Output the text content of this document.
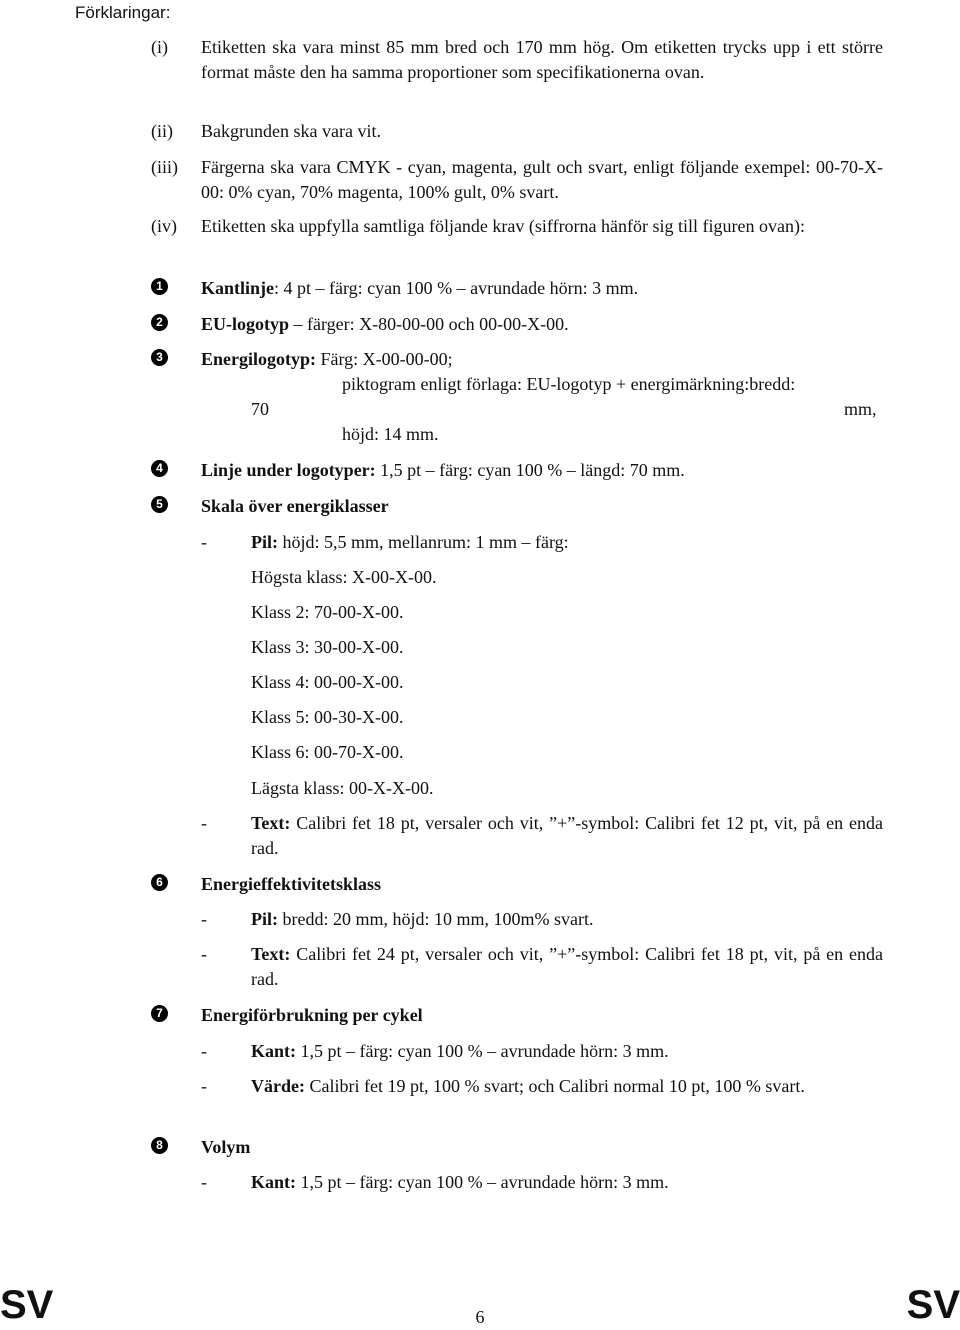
Förklaringar:
(i) Etiketten ska vara minst 85 mm bred och 170 mm hög. Om etiketten trycks upp i ett större format måste den ha samma proportioner som specifikationerna ovan.
(ii) Bakgrunden ska vara vit.
(iii) Färgerna ska vara CMYK - cyan, magenta, gult och svart, enligt följande exempel: 00-70-X-00: 0% cyan, 70% magenta, 100% gult, 0% svart.
(iv) Etiketten ska uppfylla samtliga följande krav (siffrorna hänför sig till figuren ovan):
1 Kantlinje: 4 pt – färg: cyan 100 % – avrundade hörn: 3 mm.
2 EU-logotyp – färger: X-80-00-00 och 00-00-X-00.
3 Energilogotyp: Färg: X-00-00-00;
piktogram enligt förlaga: EU-logotyp + energimärkning:bredd:
70	mm,
höjd: 14 mm.
4 Linje under logotyper: 1,5 pt – färg: cyan 100 % – längd: 70 mm.
5 Skala över energiklasser
- Pil: höjd: 5,5 mm, mellanrum: 1 mm – färg:
Högsta klass: X-00-X-00.
Klass 2: 70-00-X-00.
Klass 3: 30-00-X-00.
Klass 4: 00-00-X-00.
Klass 5: 00-30-X-00.
Klass 6: 00-70-X-00.
Lägsta klass: 00-X-X-00.
- Text: Calibri fet 18 pt, versaler och vit, ”+”-symbol: Calibri fet 12 pt, vit, på en enda rad.
6 Energieffektivitetsklass
- Pil: bredd: 20 mm, höjd: 10 mm, 100m% svart.
- Text: Calibri fet 24 pt, versaler och vit, ”+”-symbol: Calibri fet 18 pt, vit, på en enda rad.
7 Energiförbrukning per cykel
- Kant: 1,5 pt – färg: cyan 100 % – avrundade hörn: 3 mm.
- Värde: Calibri fet 19 pt, 100 % svart; och Calibri normal 10 pt, 100 % svart.
8 Volym
- Kant: 1,5 pt – färg: cyan 100 % – avrundade hörn: 3 mm.
SV	6	SV
